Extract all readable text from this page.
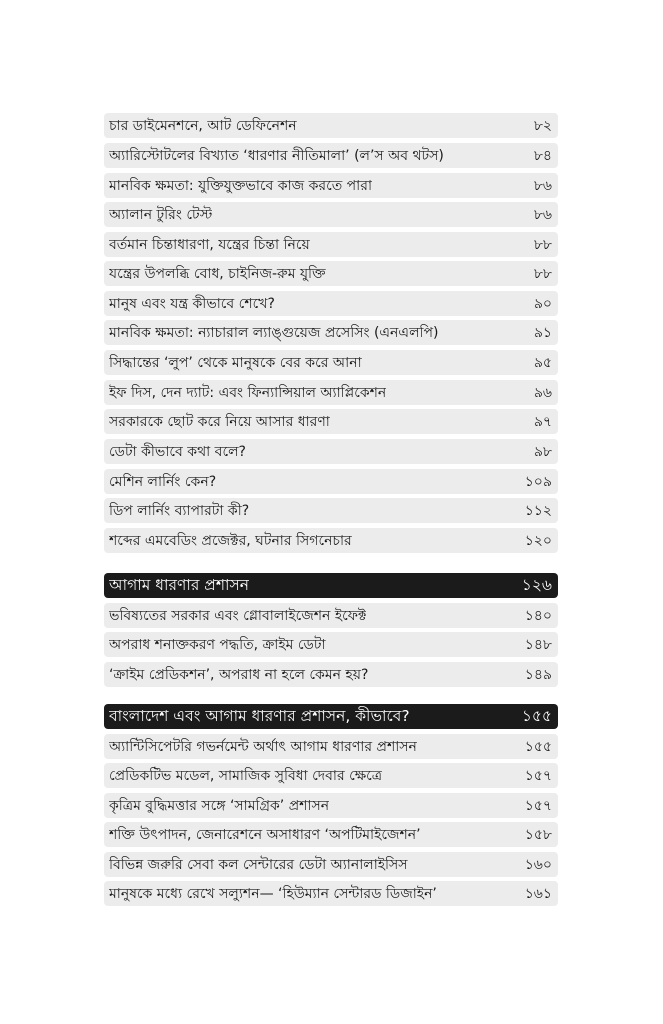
চার ডাইমেনশনে, আট ডেফিনেশন	৮২
অ্যারিস্টোটলের বিখ্যাত ‘ধারণার নীতিমালা’ (ল’স অব থটস)	৮৪
মানবিক ক্ষমতা: যুক্তিযুক্তভাবে কাজ করতে পারা	৮৬
অ্যালান টুরিং টেস্ট	৮৬
বর্তমান চিন্তাধারণা, যন্ত্রের চিন্তা নিয়ে	৮৮
যন্ত্রের উপলব্ধি বোধ, চাইনিজ-রুম যুক্তি	৮৮
মানুষ এবং যন্ত্র কীভাবে শেখে?	৯০
মানবিক ক্ষমতা: ন্যাচারাল ল্যাঙ্গুয়েজ প্রসেসিং (এনএলপি)	৯১
সিদ্ধান্তের ‘লুপ’ থেকে মানুষকে বের করে আনা	৯৫
ইফ দিস, দেন দ্যাট: এবং ফিন্যান্সিয়াল অ্যাপ্লিকেশন	৯৬
সরকারকে ছোট করে নিয়ে আসার ধারণা	৯৭
ডেটা কীভাবে কথা বলে?	৯৮
মেশিন লার্নিং কেন?	১০৯
ডিপ লার্নিং ব্যাপারটা কী?	১১২
শব্দের এমবেডিং প্রজেক্টর, ঘটনার সিগনেচার	১২০
আগাম ধারণার প্রশাসন	১২৬
ভবিষ্যতের সরকার এবং গ্লোবালাইজেশন ইফেক্ট	১৪০
অপরাধ শনাক্তকরণ পদ্ধতি, ক্রাইম ডেটা	১৪৮
‘ক্রাইম প্রেডিকশন’, অপরাধ না হলে কেমন হয়?	১৪৯
বাংলাদেশ এবং আগাম ধারণার প্রশাসন, কীভাবে?	১৫৫
অ্যান্টিসিপেটরি গভর্নমেন্ট অর্থাৎ আগাম ধারণার প্রশাসন	১৫৫
প্রেডিকটিভ মডেল, সামাজিক সুবিধা দেবার ক্ষেত্রে	১৫৭
কৃত্রিম বুদ্ধিমত্তার সঙ্গে ‘সামগ্রিক’ প্রশাসন	১৫৭
শক্তি উৎপাদন, জেনারেশনে অসাধারণ ‘অপটিমাইজেশন’	১৫৮
বিভিন্ন জরুরি সেবা কল সেন্টারের ডেটা অ্যানালাইসিস	১৬০
মানুষকে মধ্যে রেখে সল্যুশন— ‘হিউম্যান সেন্টারড ডিজাইন’	১৬১
